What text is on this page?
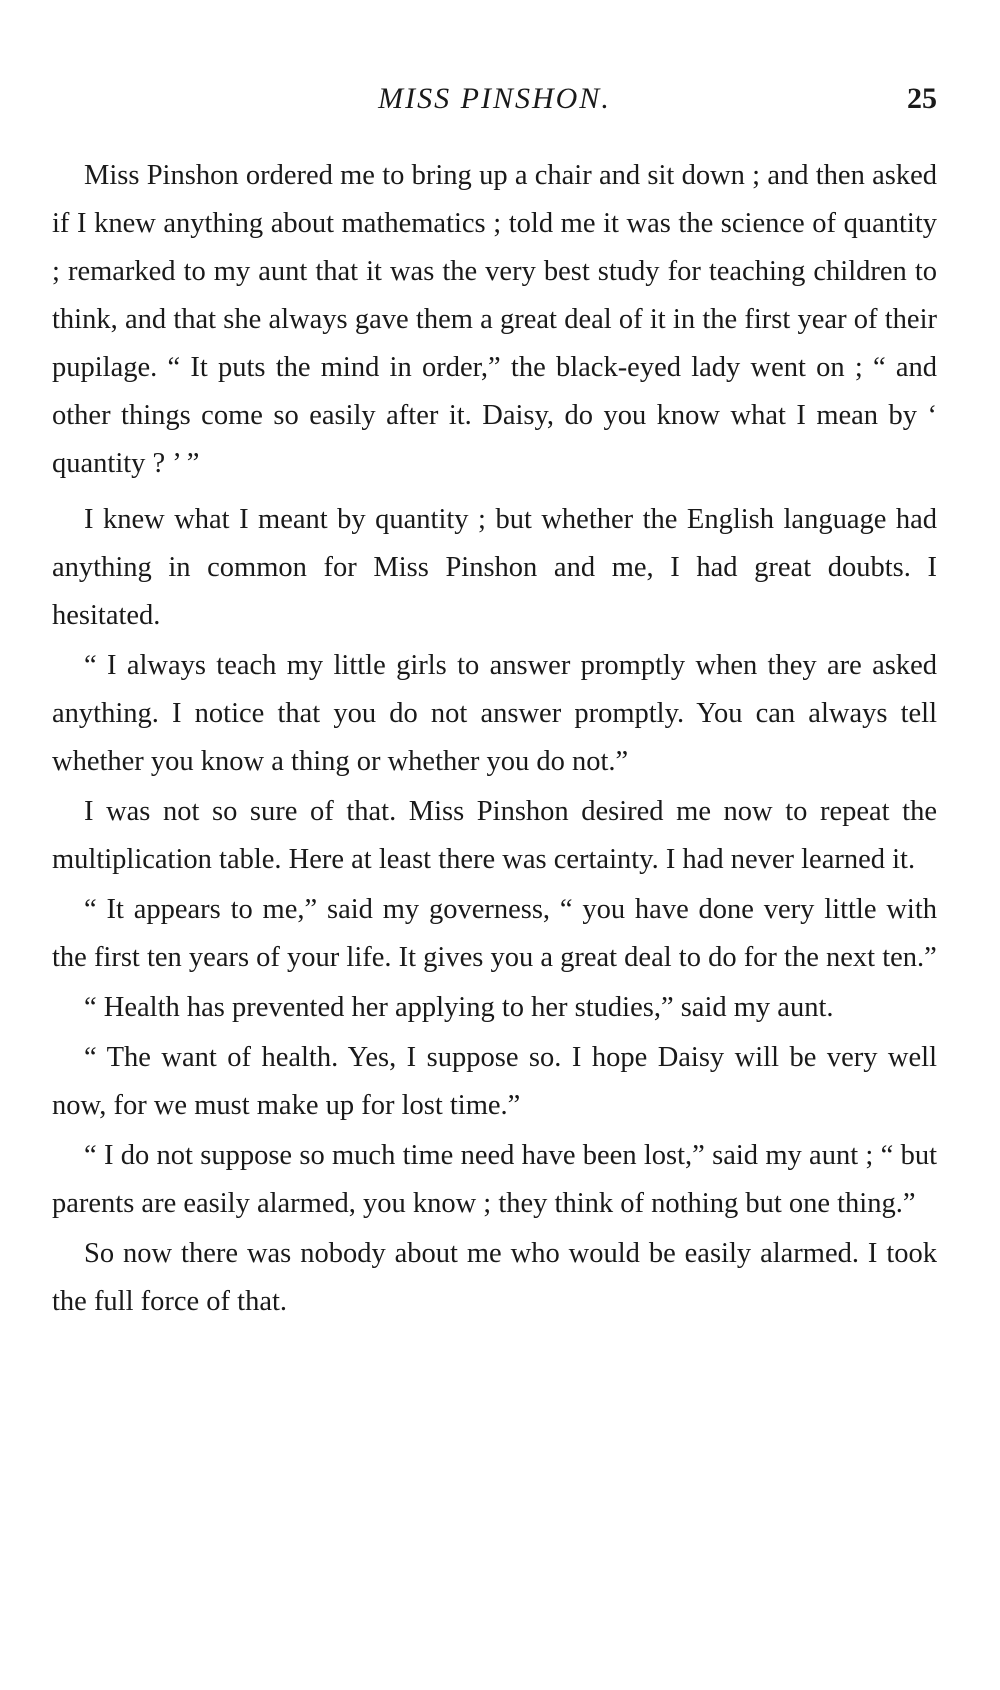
MISS PINSHON.	25

Miss Pinshon ordered me to bring up a chair and sit down ; and then asked if I knew anything about mathematics ; told me it was the science of quantity ; remarked to my aunt that it was the very best study for teaching children to think, and that she always gave them a great deal of it in the first year of their pupilage. “ It puts the mind in order,” the black-eyed lady went on ; “ and other things come so easily after it. Daisy, do you know what I mean by ‘ quantity ? ’ ”

I knew what I meant by quantity ; but whether the English language had anything in common for Miss Pinshon and me, I had great doubts. I hesitated.

“ I always teach my little girls to answer promptly when they are asked anything. I notice that you do not answer promptly. You can always tell whether you know a thing or whether you do not.”

I was not so sure of that. Miss Pinshon desired me now to repeat the multiplication table. Here at least there was certainty. I had never learned it.

“ It appears to me,” said my governess, “ you have done very little with the first ten years of your life. It gives you a great deal to do for the next ten.”

“ Health has prevented her applying to her studies,” said my aunt.

“ The want of health. Yes, I suppose so. I hope Daisy will be very well now, for we must make up for lost time.”

“ I do not suppose so much time need have been lost,” said my aunt ; “ but parents are easily alarmed, you know ; they think of nothing but one thing.”

So now there was nobody about me who would be easily alarmed. I took the full force of that.
